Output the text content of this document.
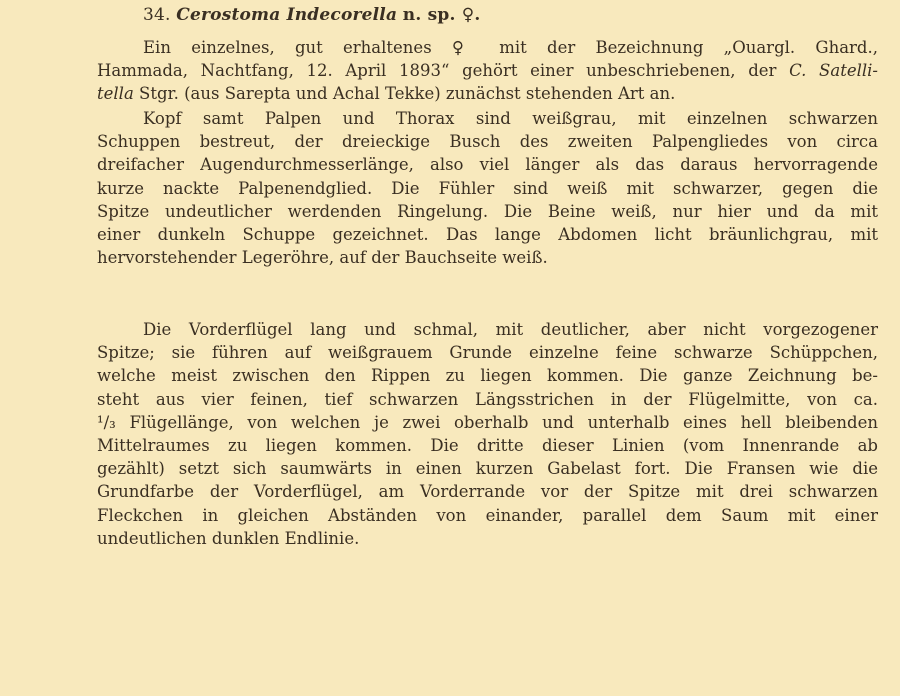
34. Cerostoma Indecorella n. sp. ♀.
Ein einzelnes, gut erhaltenes ♀ mit der Bezeichnung „Ouargl. Ghard.,
Hammada, Nachtfang, 12. April 1893“ gehört einer unbeschriebenen, der C. Satelli-
tella Stgr. (aus Sarepta und Achal Tekke) zunächst stehenden Art an.
Kopf samt Palpen und Thorax sind weißgrau, mit einzelnen schwarzen
Schuppen bestreut, der dreieckige Busch des zweiten Palpengliedes von circa
dreifacher Augendurchmesserlänge, also viel länger als das daraus hervorragende
kurze nackte Palpenendglied. Die Fühler sind weiß mit schwarzer, gegen die
Spitze undeutlicher werdenden Ringelung. Die Beine weiß, nur hier und da mit
einer dunkeln Schuppe gezeichnet. Das lange Abdomen licht bräunlichgrau, mit
hervorstehender Legeröhre, auf der Bauchseite weiß.
Die Vorderflügel lang und schmal, mit deutlicher, aber nicht vorgezogener
Spitze; sie führen auf weißgrauem Grunde einzelne feine schwarze Schüppchen,
welche meist zwischen den Rippen zu liegen kommen. Die ganze Zeichnung be-
steht aus vier feinen, tief schwarzen Längsstrichen in der Flügelmitte, von ca.
¹/₃ Flügellänge, von welchen je zwei oberhalb und unterhalb eines hell bleibenden
Mittelraumes zu liegen kommen. Die dritte dieser Linien (vom Innenrande ab
gezählt) setzt sich saumwärts in einen kurzen Gabelast fort. Die Fransen wie die
Grundfarbe der Vorderflügel, am Vorderrande vor der Spitze mit drei schwarzen
Fleckchen in gleichen Abständen von einander, parallel dem Saum mit einer
undeutlichen dunklen Endlinie.
